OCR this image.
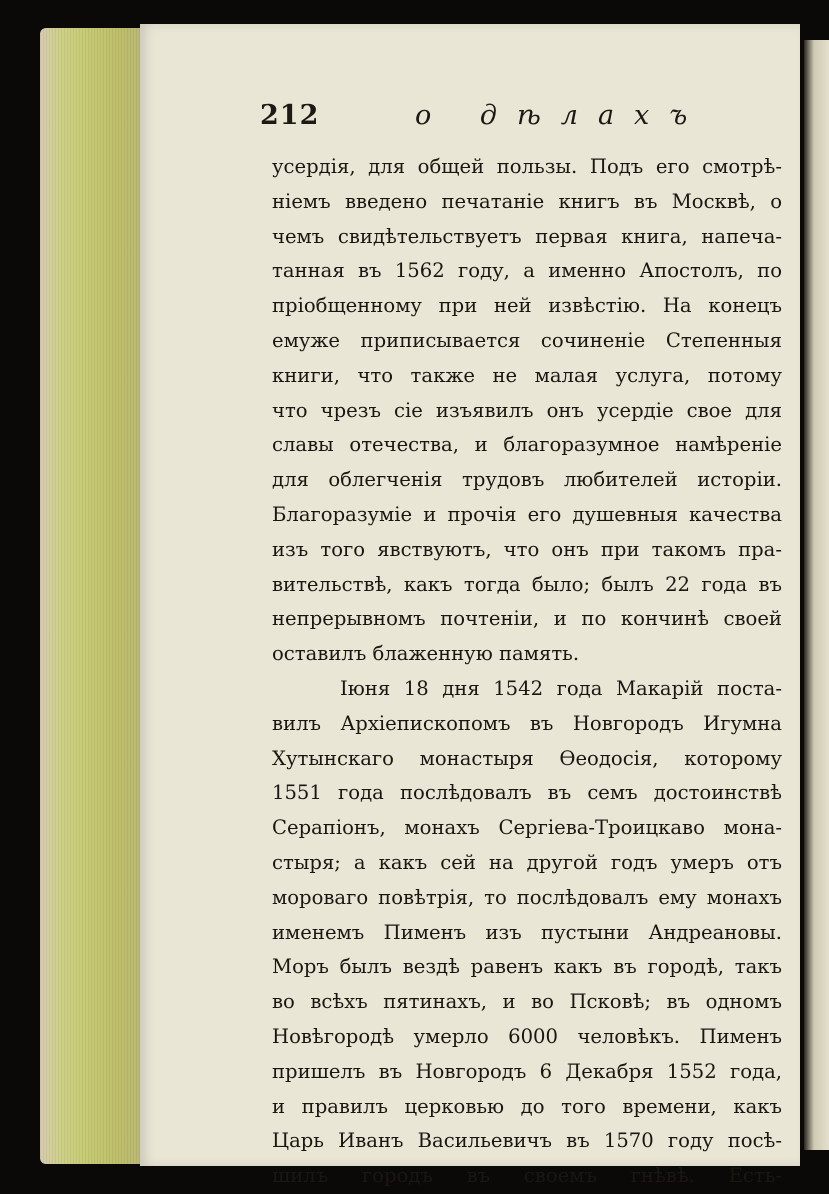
212	о дѣлахъ
усердія, для общей пользы. Подъ его смотрѣ-
ніемъ введено печатаніе книгъ въ Москвѣ, о
чемъ свидѣтельствуетъ первая книга, напеча-
танная въ 1562 году, а именно Апостолъ, по
пріобщенному при ней извѣстію. На конецъ
емуже приписывается сочиненіе Степенныя
книги, что также не малая услуга, потому
что чрезъ сіе изъявилъ онъ усердіе свое для
славы отечества, и благоразумное намѣреніе
для облегченія трудовъ любителей исторіи.
Благоразуміе и прочія его душевныя качества
изъ того явствуютъ, что онъ при такомъ пра-
вительствѣ, какъ тогда было; былъ 22 года въ
непрерывномъ почтеніи, и по кончинѣ своей
оставилъ блаженную память.
Іюня 18 дня 1542 года Макарій поста-
вилъ Архіепископомъ въ Новгородъ Игумна
Хутынскаго монастыря Ѳеодосія, которому
1551 года послѣдовалъ въ семъ достоинствѣ
Серапіонъ, монахъ Сергіева-Троицкаво мона-
стыря; а какъ сей на другой годъ умеръ отъ
мороваго повѣтрія, то послѣдовалъ ему монахъ
именемъ Пименъ изъ пустыни Андреановы.
Моръ былъ вездѣ равенъ какъ въ городѣ, такъ
во всѣхъ пятинахъ, и во Псковѣ; въ одномъ
Новѣгородѣ умерло 6000 человѣкъ. Пименъ
пришелъ въ Новгородъ 6 Декабря 1552 года,
и правилъ церковью до того времени, какъ
Царь Иванъ Васильевичъ въ 1570 году посѣ-
шилъ городъ въ своемъ гнѣвѣ. Есть-
